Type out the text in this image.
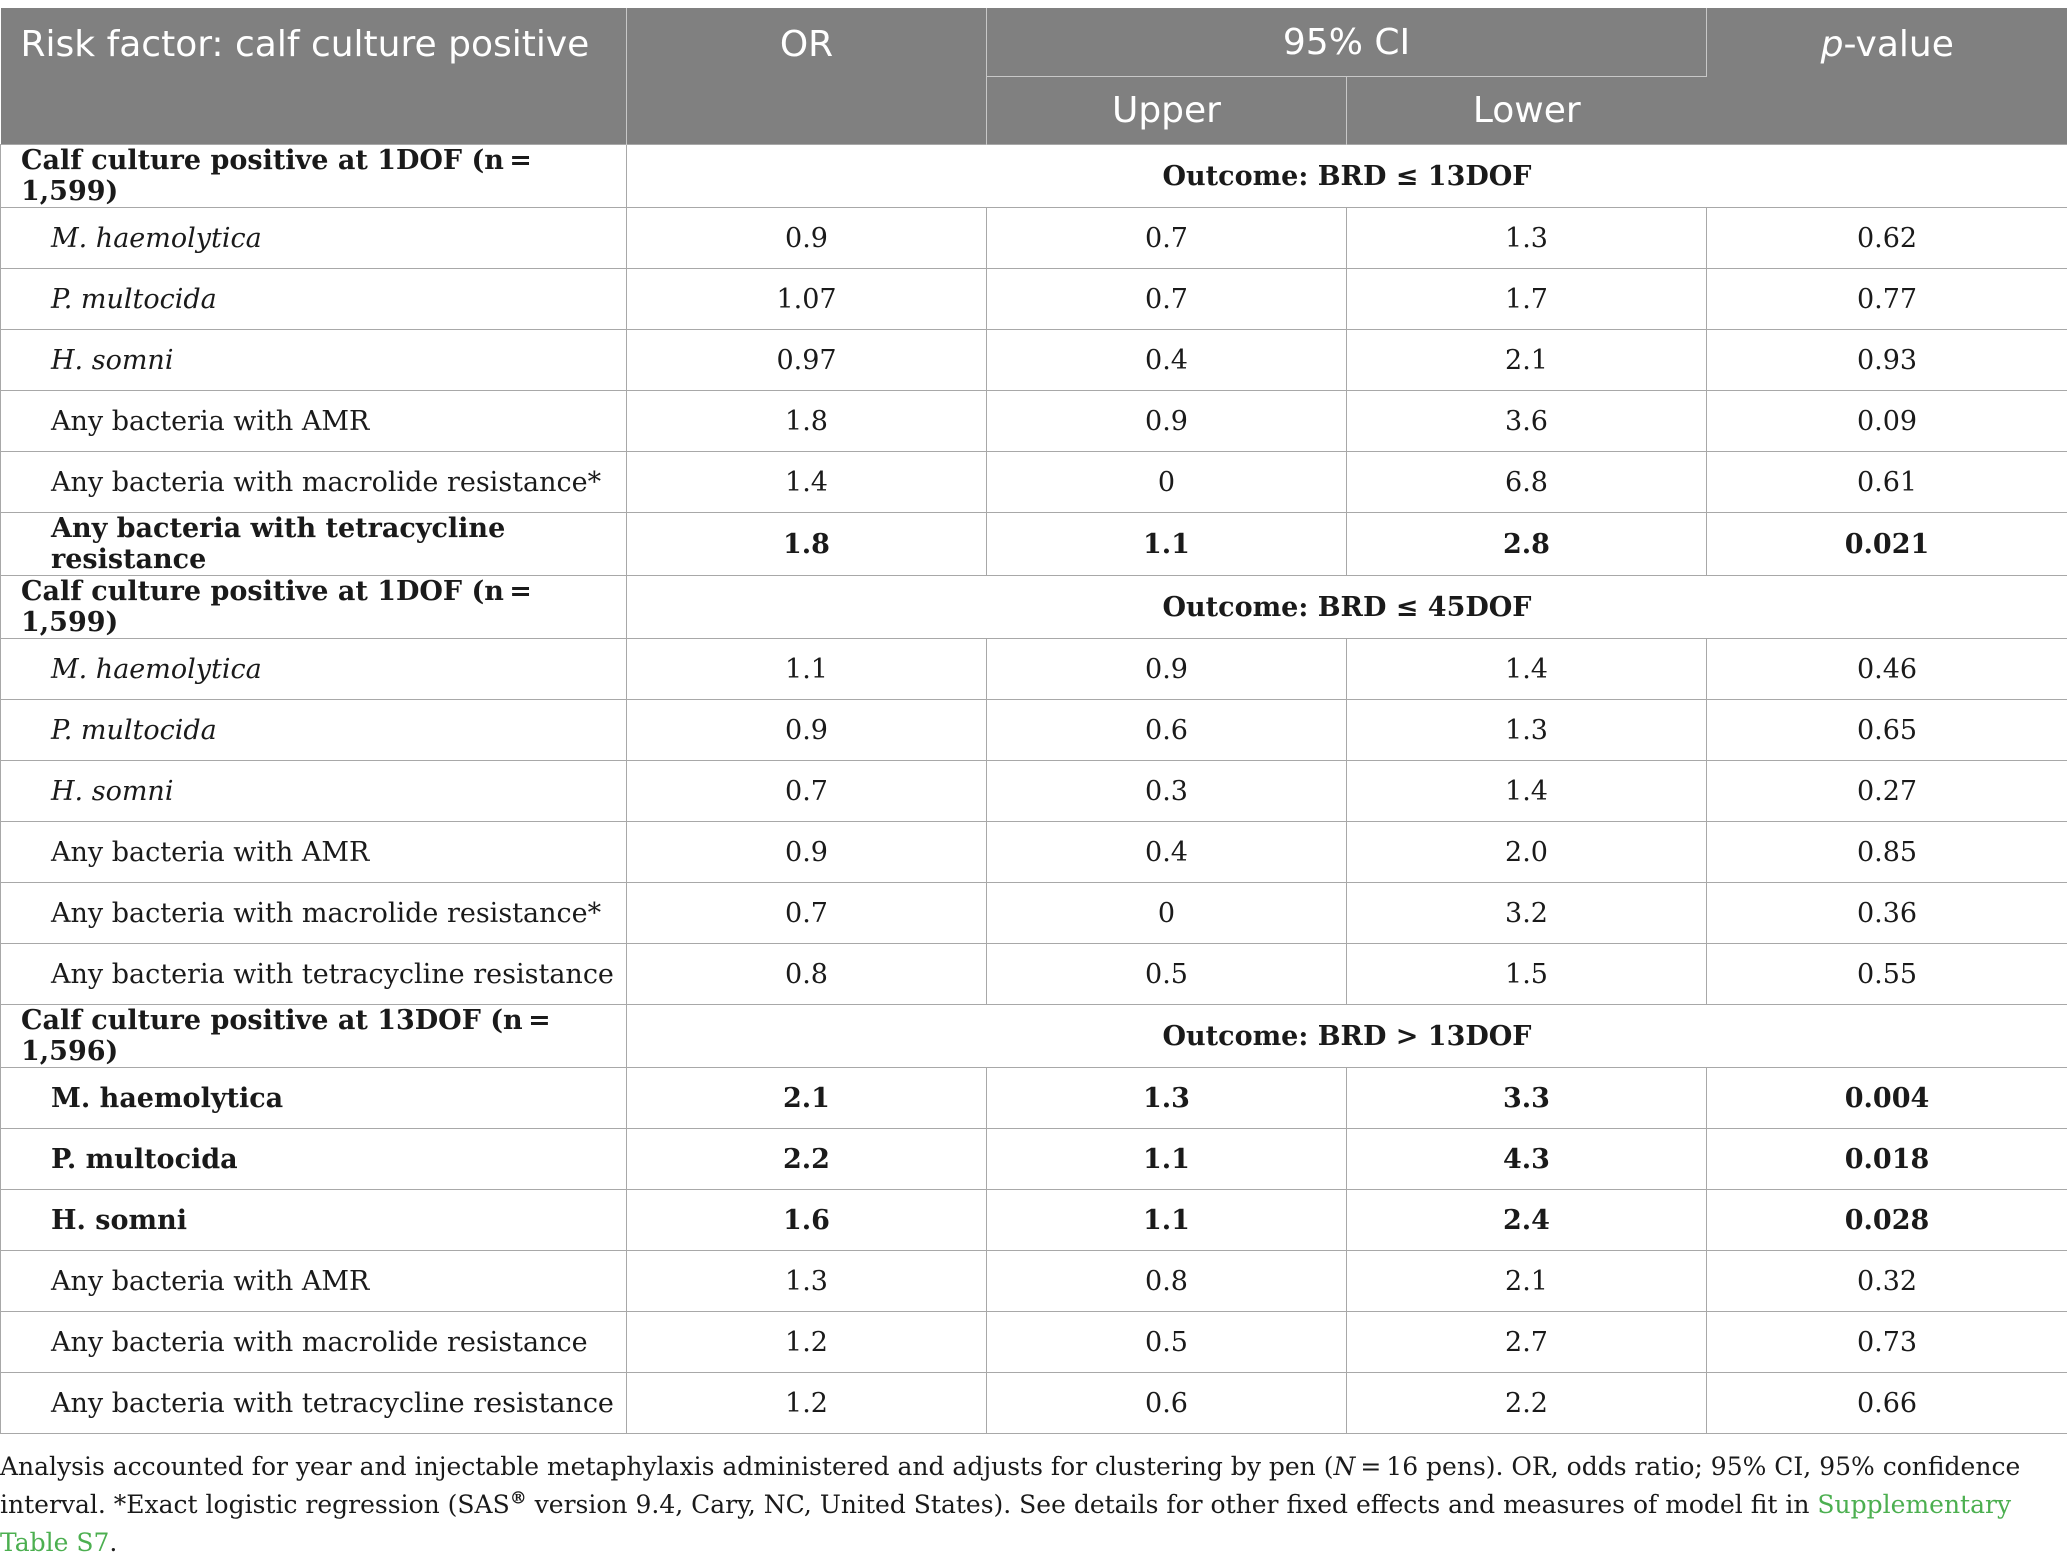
Risk factor: calf culture positive	OR	95% CI		p-value
		Upper	Lower	
Calf culture positive at 1DOF (n = 1,599)	Outcome: BRD ≤ 13DOF			
M. haemolytica	0.9	0.7	1.3	0.62
P. multocida	1.07	0.7	1.7	0.77
H. somni	0.97	0.4	2.1	0.93
Any bacteria with AMR	1.8	0.9	3.6	0.09
Any bacteria with macrolide resistance*	1.4	0	6.8	0.61
Any bacteria with tetracycline resistance	1.8	1.1	2.8	0.021
Calf culture positive at 1DOF (n = 1,599)	Outcome: BRD ≤ 45DOF			
M. haemolytica	1.1	0.9	1.4	0.46
P. multocida	0.9	0.6	1.3	0.65
H. somni	0.7	0.3	1.4	0.27
Any bacteria with AMR	0.9	0.4	2.0	0.85
Any bacteria with macrolide resistance*	0.7	0	3.2	0.36
Any bacteria with tetracycline resistance	0.8	0.5	1.5	0.55
Calf culture positive at 13DOF (n = 1,596)	Outcome: BRD > 13DOF			
M. haemolytica	2.1	1.3	3.3	0.004
P. multocida	2.2	1.1	4.3	0.018
H. somni	1.6	1.1	2.4	0.028
Any bacteria with AMR	1.3	0.8	2.1	0.32
Any bacteria with macrolide resistance	1.2	0.5	2.7	0.73
Any bacteria with tetracycline resistance	1.2	0.6	2.2	0.66
Analysis accounted for year and injectable metaphylaxis administered and adjusts for clustering by pen (N = 16 pens). OR, odds ratio; 95% CI, 95% confidence interval. *Exact logistic regression (SAS® version 9.4, Cary, NC, United States). See details for other fixed effects and measures of model fit in Supplementary Table S7.
